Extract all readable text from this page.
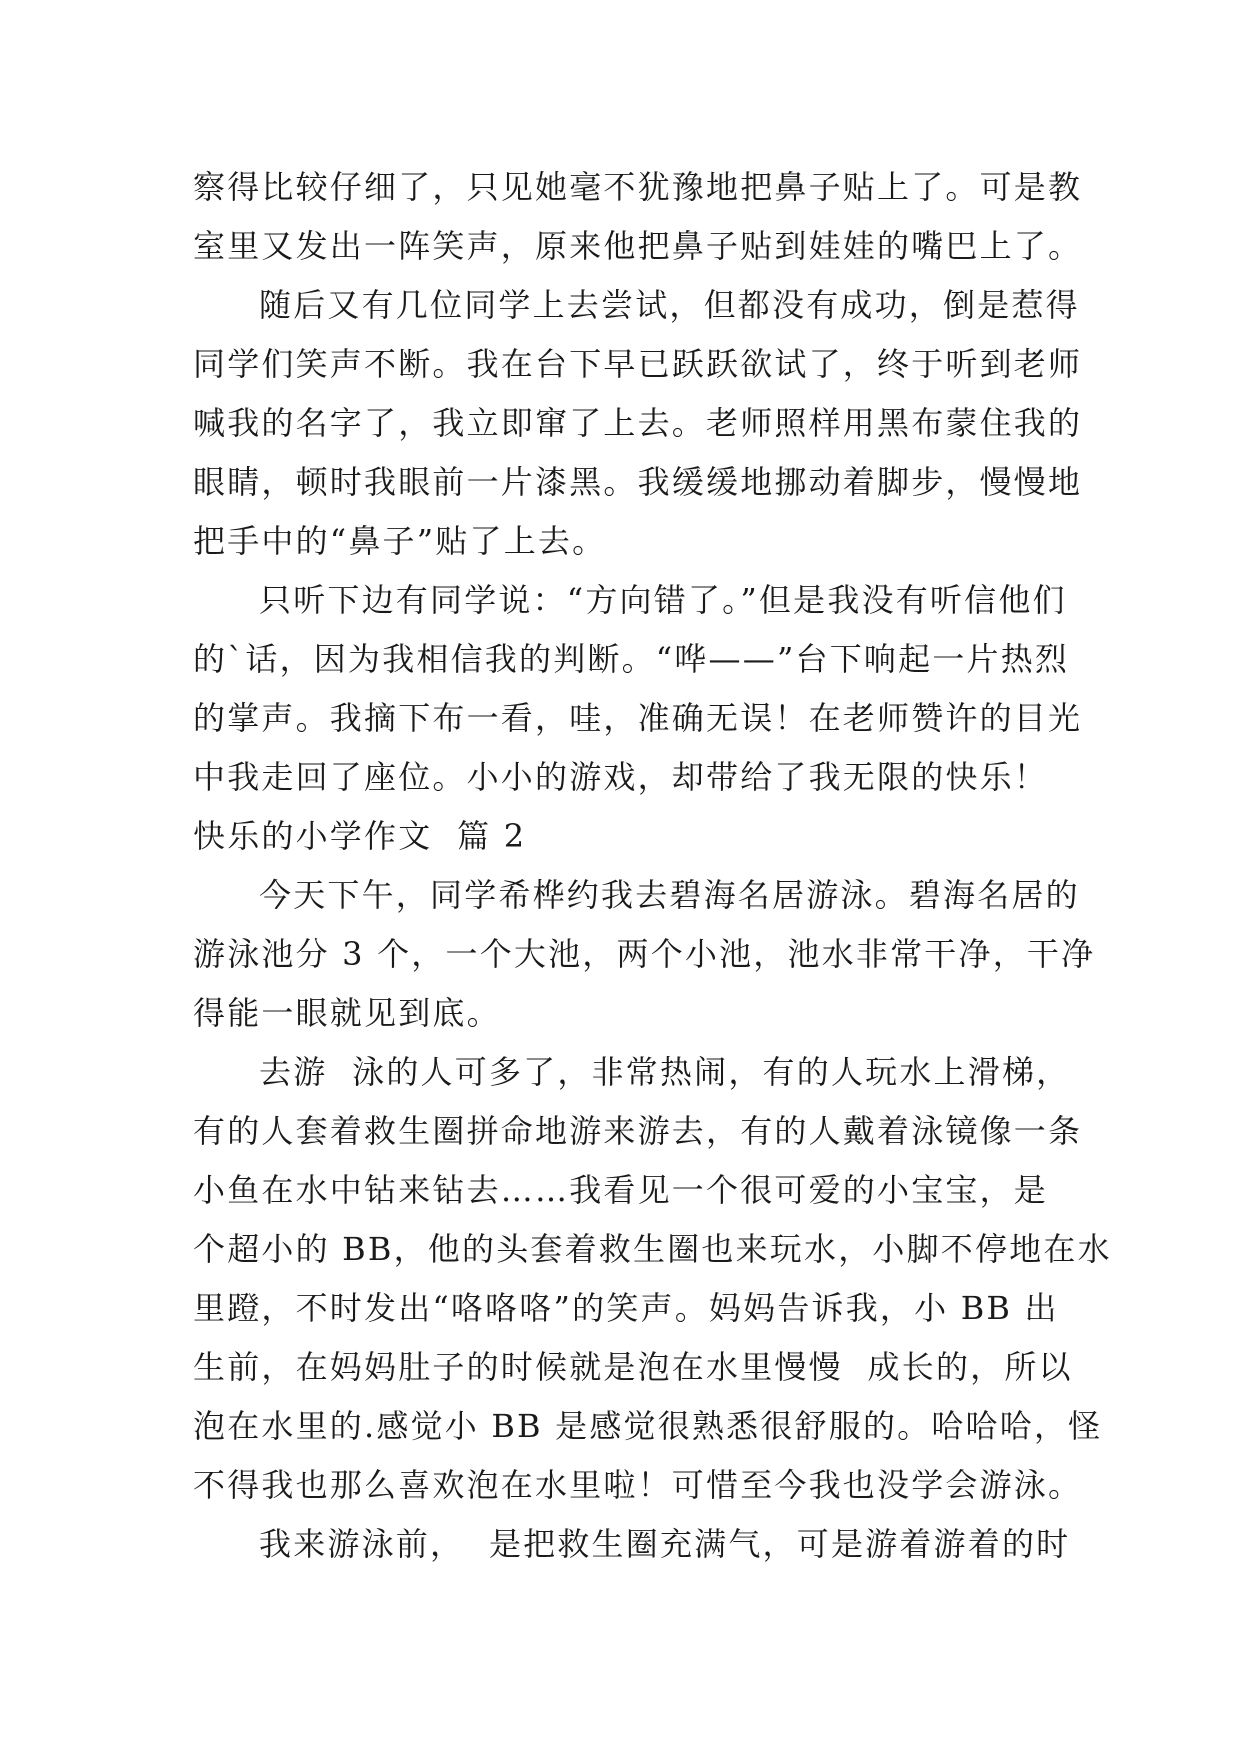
察得比较仔细了，只见她毫不犹豫地把鼻子贴上了。可是教
室里又发出一阵笑声，原来他把鼻子贴到娃娃的嘴巴上了。
随后又有几位同学上去尝试，但都没有成功，倒是惹得
同学们笑声不断。我在台下早已跃跃欲试了，终于听到老师
喊我的名字了，我立即窜了上去。老师照样用黑布蒙住我的
眼睛，顿时我眼前一片漆黑。我缓缓地挪动着脚步，慢慢地
把手中的“鼻子”贴了上去。
只听下边有同学说：“方向错了。”但是我没有听信他们
的`话，因为我相信我的判断。“哗——”台下响起一片热烈
的掌声。我摘下布一看，哇，准确无误！在老师赞许的目光
中我走回了座位。小小的游戏，却带给了我无限的快乐！
快乐的小学作文  篇 2
今天下午，同学希桦约我去碧海名居游泳。碧海名居的
游泳池分 3 个，一个大池，两个小池，池水非常干净，干净
得能一眼就见到底。
去游  泳的人可多了，非常热闹，有的人玩水上滑梯，
有的人套着救生圈拼命地游来游去，有的人戴着泳镜像一条
小鱼在水中钻来钻去……我看见一个很可爱的小宝宝，是
个超小的 BB，他的头套着救生圈也来玩水，小脚不停地在水
里蹬，不时发出“咯咯咯”的笑声。妈妈告诉我，小 BB 出
生前，在妈妈肚子的时候就是泡在水里慢慢  成长的，所以
泡在水里的.感觉小 BB 是感觉很熟悉很舒服的。哈哈哈，怪
不得我也那么喜欢泡在水里啦！可惜至今我也没学会游泳。
我来游泳前，  是把救生圈充满气，可是游着游着的时
